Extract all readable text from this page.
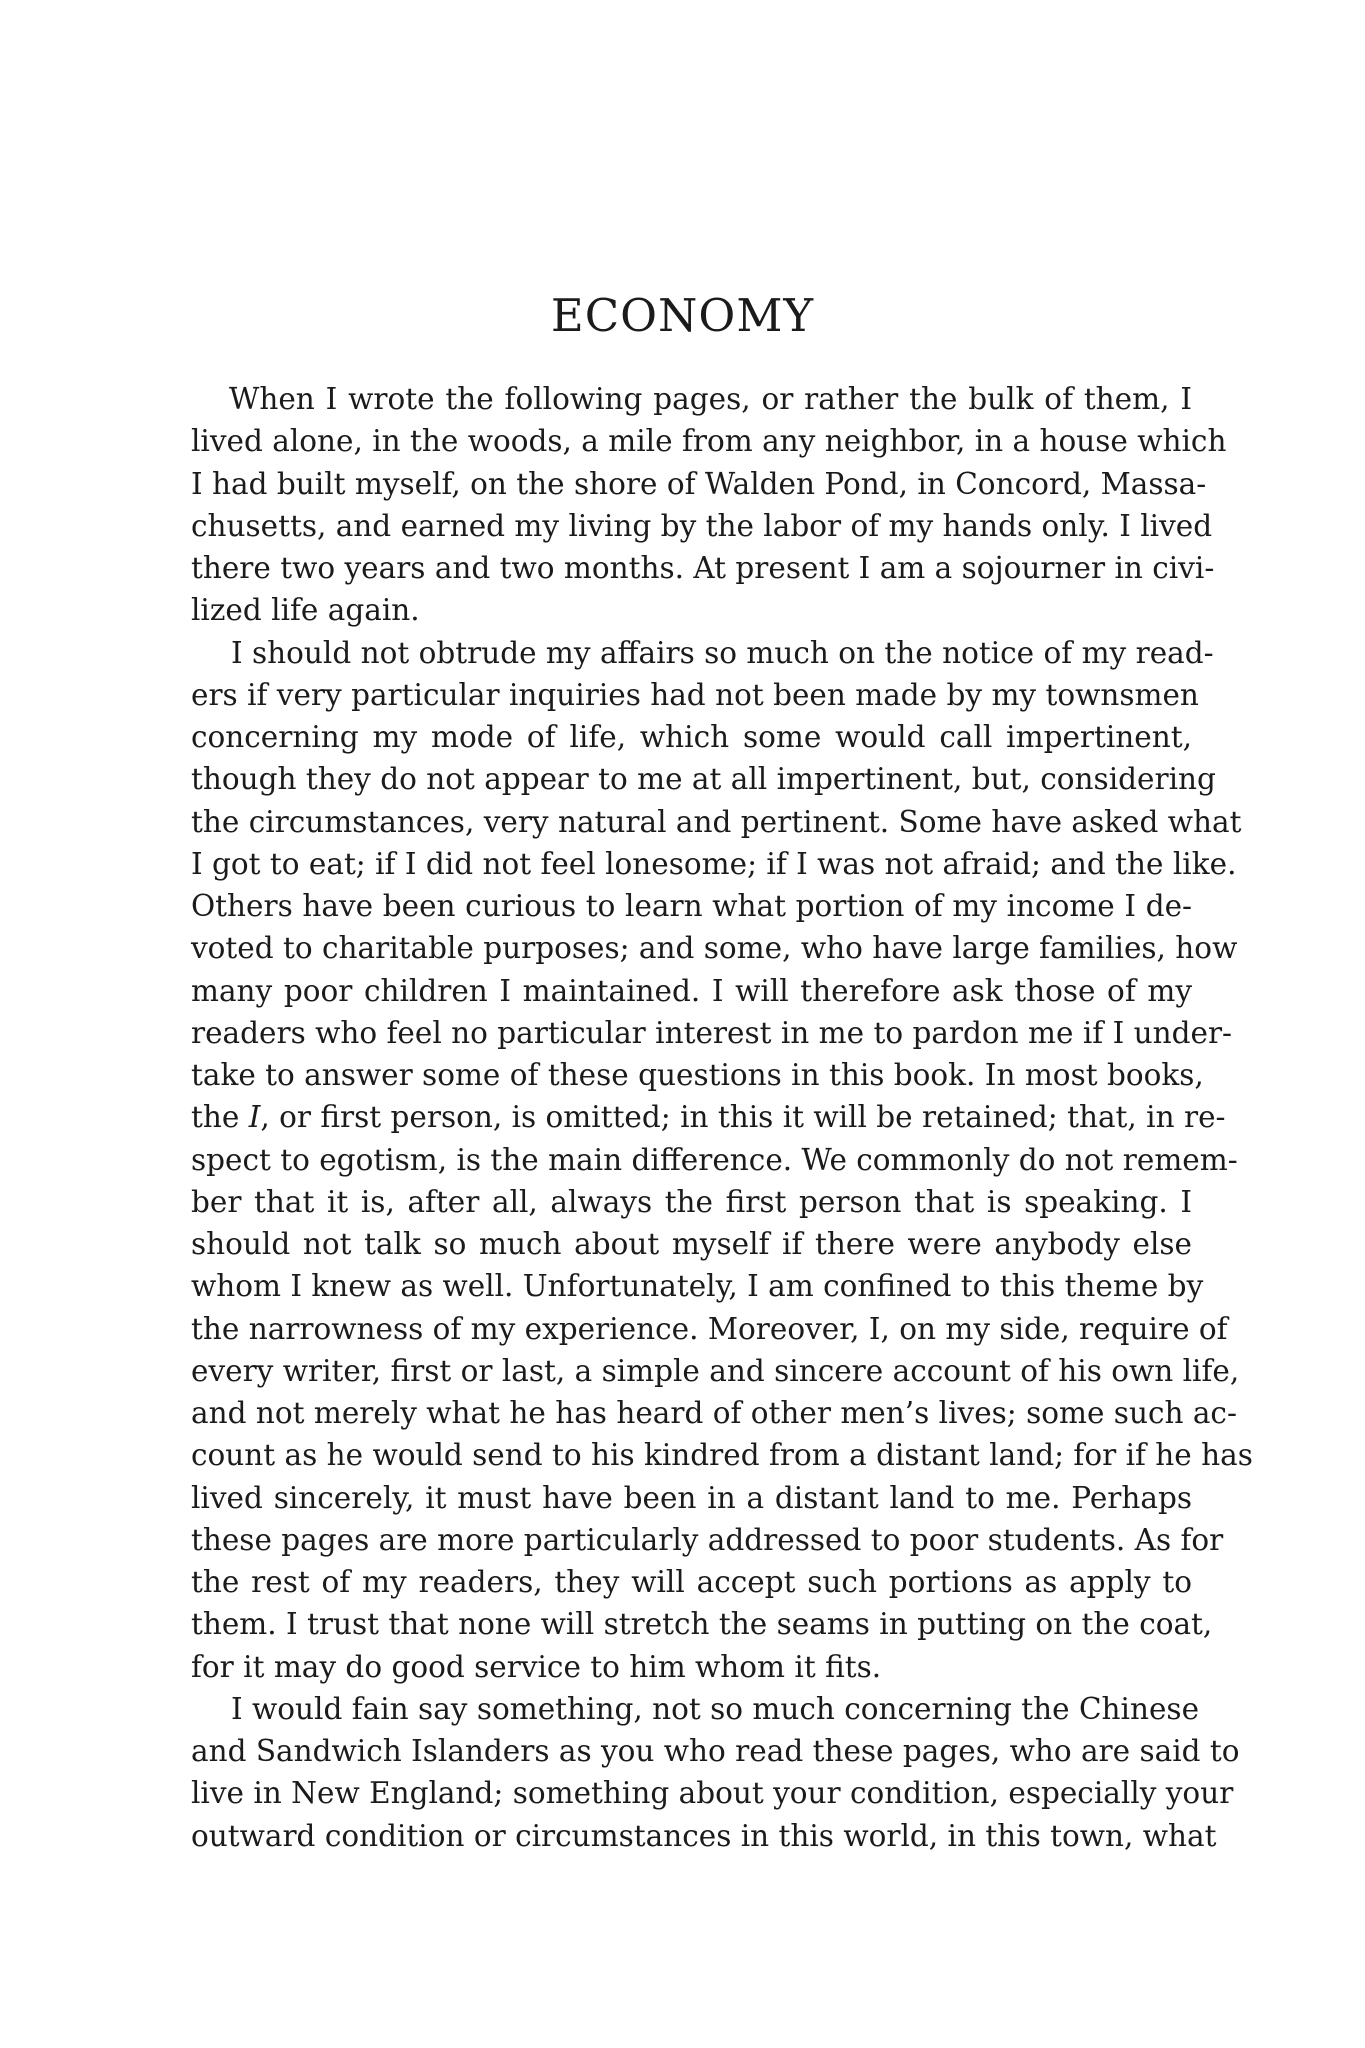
ECONOMY
When I wrote the following pages, or rather the bulk of them, I
lived alone, in the woods, a mile from any neighbor, in a house which
I had built myself, on the shore of Walden Pond, in Concord, Massa-
chusetts, and earned my living by the labor of my hands only. I lived
there two years and two months. At present I am a sojourner in civi-
lized life again.
I should not obtrude my affairs so much on the notice of my read-
ers if very particular inquiries had not been made by my townsmen
concerning my mode of life, which some would call impertinent,
though they do not appear to me at all impertinent, but, considering
the circumstances, very natural and pertinent. Some have asked what
I got to eat; if I did not feel lonesome; if I was not afraid; and the like.
Others have been curious to learn what portion of my income I de-
voted to charitable purposes; and some, who have large families, how
many poor children I maintained. I will therefore ask those of my
readers who feel no particular interest in me to pardon me if I under-
take to answer some of these questions in this book. In most books,
the I, or first person, is omitted; in this it will be retained; that, in re-
spect to egotism, is the main difference. We commonly do not remem-
ber that it is, after all, always the first person that is speaking. I
should not talk so much about myself if there were anybody else
whom I knew as well. Unfortunately, I am confined to this theme by
the narrowness of my experience. Moreover, I, on my side, require of
every writer, first or last, a simple and sincere account of his own life,
and not merely what he has heard of other men’s lives; some such ac-
count as he would send to his kindred from a distant land; for if he has
lived sincerely, it must have been in a distant land to me. Perhaps
these pages are more particularly addressed to poor students. As for
the rest of my readers, they will accept such portions as apply to
them. I trust that none will stretch the seams in putting on the coat,
for it may do good service to him whom it fits.
I would fain say something, not so much concerning the Chinese
and Sandwich Islanders as you who read these pages, who are said to
live in New England; something about your condition, especially your
outward condition or circumstances in this world, in this town, what
